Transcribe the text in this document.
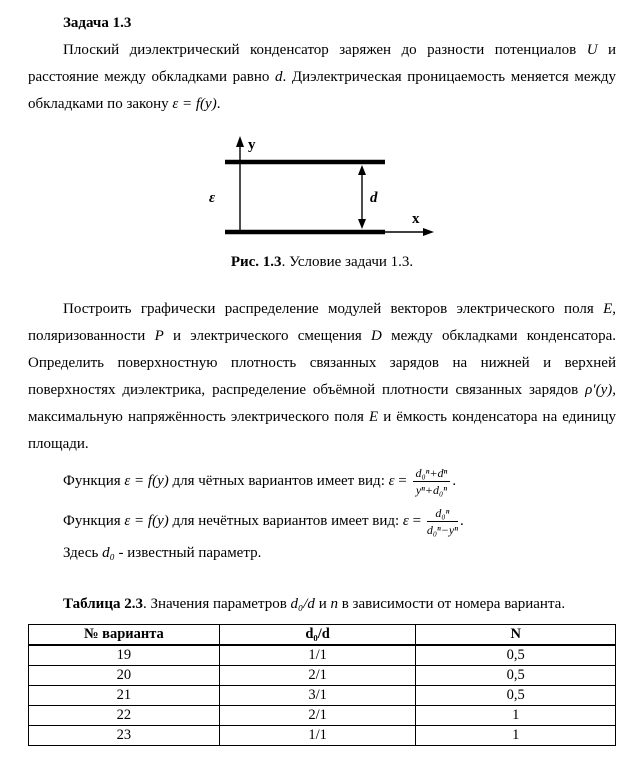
Задача 1.3

Плоский диэлектрический конденсатор заряжен до разности потенциалов U и расстояние между обкладками равно d. Диэлектрическая проницаемость меняется между обкладками по закону ε = f(y).

y
x
ε	d
Рис. 1.3. Условие задачи 1.3.

Построить графически распределение модулей векторов электрического поля E, поляризованности P и электрического смещения D между обкладками конденсатора. Определить поверхностную плотность связанных зарядов на нижней и верхней поверхностях диэлектрика, распределение объёмной плотности связанных зарядов ρ′(y), максимальную напряжённость электрического поля E и ёмкость конденсатора на единицу площади.

Функция ε = f(y) для чётных вариантов имеет вид: $\varepsilon = \frac{\text{d₀ⁿ+dⁿ}}{\text{yⁿ+d₀ⁿ}}$ .
Функция ε = f(y) для нечётных вариантов имеет вид: $\varepsilon = \frac{\text{d₀ⁿ}}{\text{d₀ⁿ−yⁿ}}$ .

Здесь d₀ - известный параметр.

Таблица 2.3. Значения параметров d₀/d и n в зависимости от номера варианта.

№ варианта	d₀/d	N
19	1/1	0,5
20	2/1	0,5
21	3/1	0,5
22	2/1	1
23	1/1	1
